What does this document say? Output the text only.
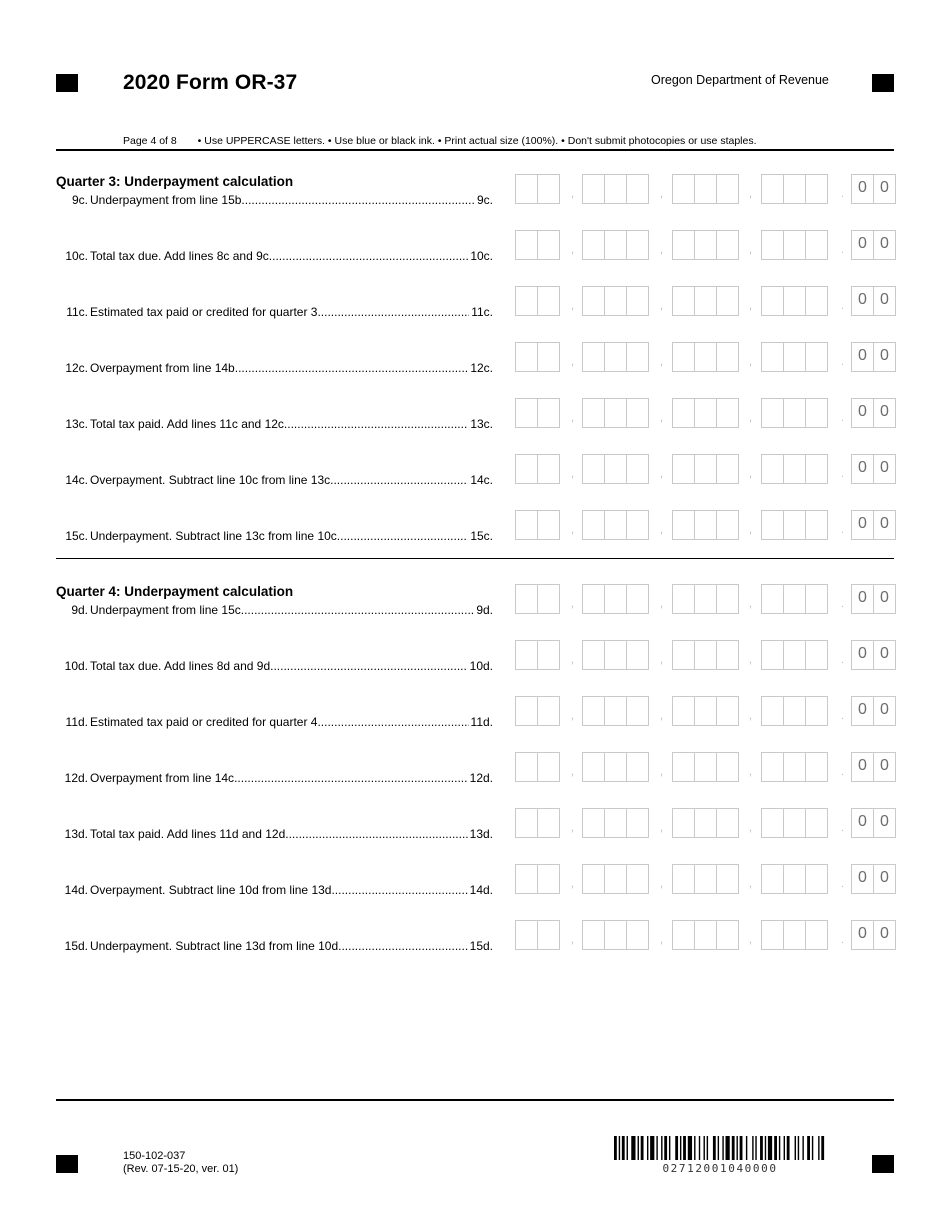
2020 Form OR-37	Oregon Department of Revenue
Page 4 of 8 • Use UPPERCASE letters. • Use blue or black ink. • Print actual size (100%). • Don't submit photocopies or use staples.
Quarter 3: Underpayment calculation
9c. Underpayment from line 15b .....	9c.	,	,	,	. 0 0
10c. Total tax due. Add lines 8c and 9c .....	10c.	,	,	,	. 0 0
11c. Estimated tax paid or credited for quarter 3. .....	11c.	,	,	,	. 0 0
12c. Overpayment from line 14b .....	12c.	,	,	,	. 0 0
13c. Total tax paid. Add lines 11c and 12c .....	13c.	,	,	,	. 0 0
14c. Overpayment. Subtract line 10c from line 13c .....	14c.	,	,	,	. 0 0
15c. Underpayment. Subtract line 13c from line 10c .....	15c.	,	,	,	. 0 0
Quarter 4: Underpayment calculation
9d. Underpayment from line 15c .....	9d.	,	,	,	. 0 0
10d. Total tax due. Add lines 8d and 9d .....	10d.	,	,	,	. 0 0
11d. Estimated tax paid or credited for quarter 4. .....	11d.	,	,	,	. 0 0
12d. Overpayment from line 14c .....	12d.	,	,	,	. 0 0
13d. Total tax paid. Add lines 11d and 12d .....	13d.	,	,	,	. 0 0
14d. Overpayment. Subtract line 10d from line 13d .....	14d.	,	,	,	. 0 0
15d. Underpayment. Subtract line 13d from line 10d .....	15d.	,	,	,	. 0 0
150-102-037
(Rev. 07-15-20, ver. 01)	02712001040000
